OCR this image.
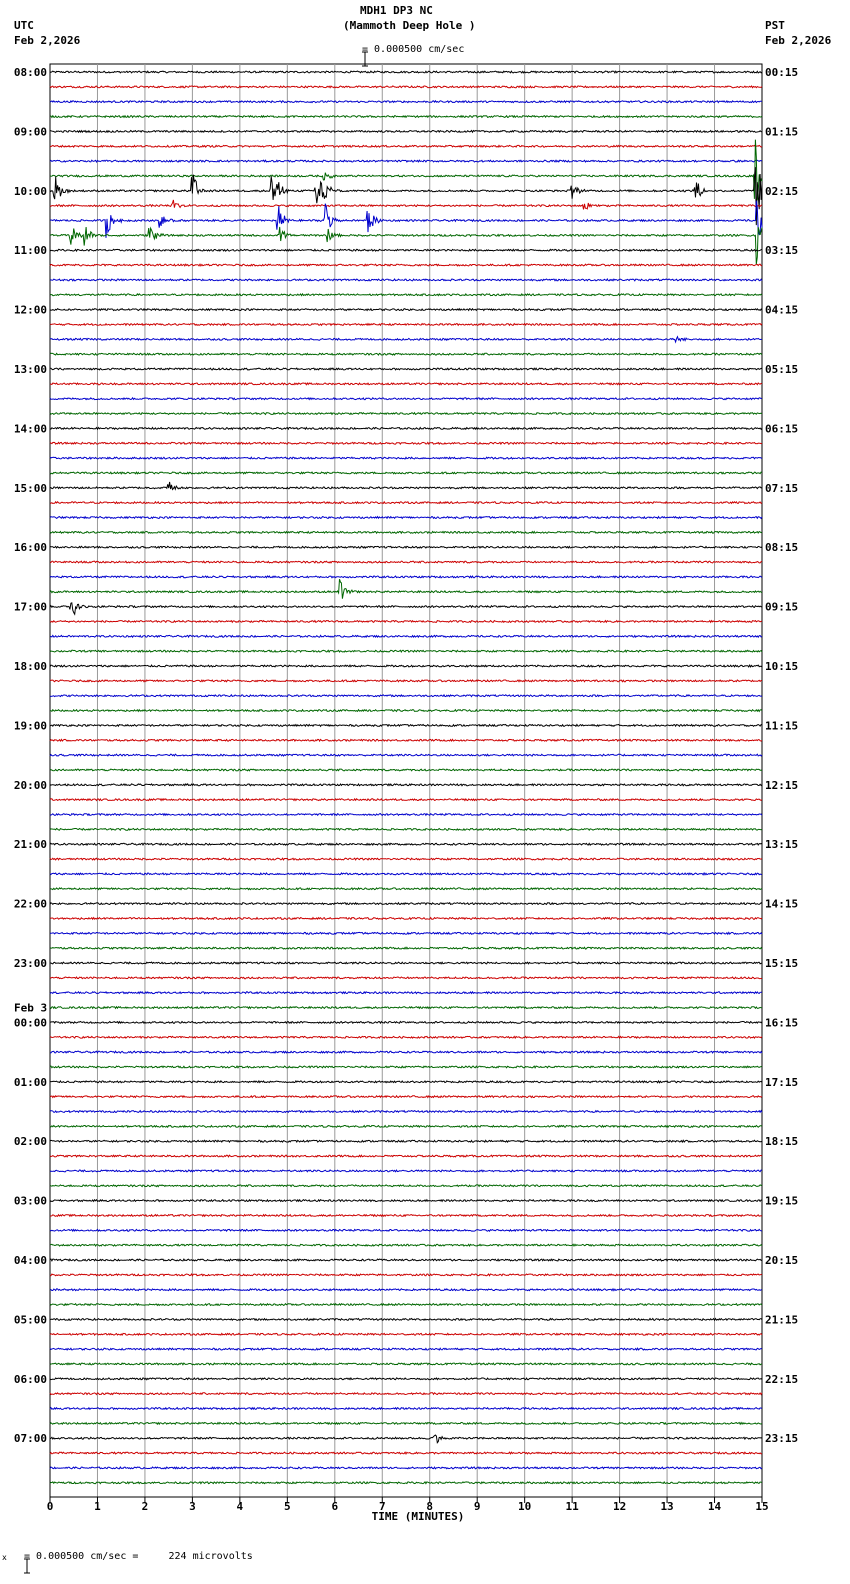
MDH1 DP3 NC
(Mammoth Deep Hole )

= 0.000500 cm/sec
UTC
Feb 2,2026
PST
Feb 2,2026
0	1	2	3	4	5	6	7	8	9	10	11	12	13	14	15
08:00
09:00
10:00
11:00
12:00
13:00
14:00
15:00
16:00
17:00
18:00
19:00
20:00
21:00
22:00
23:00
00:00
01:00
02:00
03:00
04:00
05:00
06:00
07:00
00:15
01:15
02:15
03:15
04:15
05:15
06:15
07:15
08:15
09:15
10:15
11:15
12:15
13:15
14:15
15:15
16:15
17:15
18:15
19:15
20:15
21:15
22:15
23:15
Feb 3
TIME (MINUTES)
x

= 0.000500 cm/sec =     224 microvolts
